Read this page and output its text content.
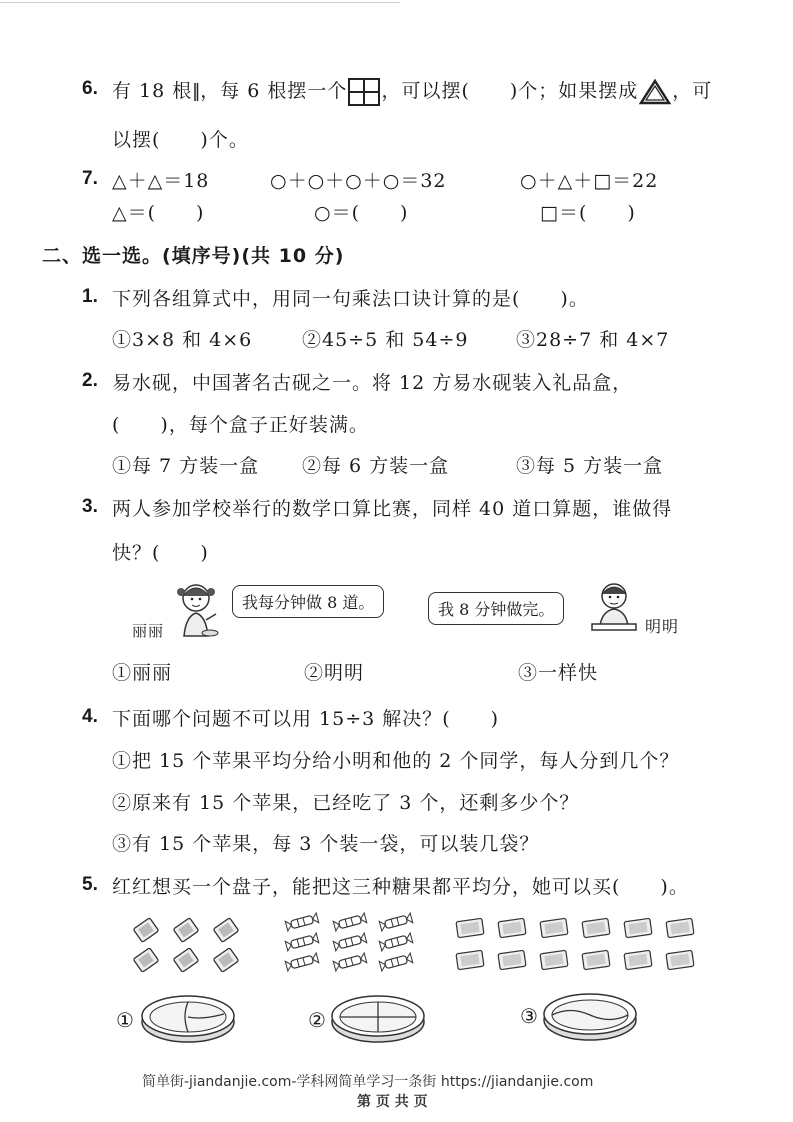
6. 有 18 根 ，每 6 根摆一个 ，可以摆(　　)个；如果摆成 ，可
以摆(　　)个。
7. △＋△＝18	○＋○＋○＋○＝32	○＋△＋□＝22
△＝(　　)	○＝(　　)	□＝(　　)
二、选一选。(填序号)(共 10 分)
1. 下列各组算式中，用同一句乘法口诀计算的是(　　)。
①3×8 和 4×6	②45÷5 和 54÷9	③28÷7 和 4×7
2. 易水砚，中国著名古砚之一。将 12 方易水砚装入礼品盒，
(　　)，每个盒子正好装满。
①每 7 方装一盒 ②每 6 方装一盒	③每 5 方装一盒
3. 两人参加学校举行的数学口算比赛，同样 40 道口算题，谁做得
快？(　　)
丽丽
我每分钟做 8 道。	我 8 分钟做完。
明明
①丽丽	②明明	③一样快
4. 下面哪个问题不可以用 15÷3 解决？(　　)
①把 15 个苹果平均分给小明和他的 2 个同学，每人分到几个？
②原来有 15 个苹果，已经吃了 3 个，还剩多少个？
③有 15 个苹果，每 3 个装一袋，可以装几袋？
5. 红红想买一个盘子，能把这三种糖果都平均分，她可以买(　　)。
①	②	③
简单街-jiandanjie.com-学科网简单学习一条街 https://jiandanjie.com
第 页 共 页
